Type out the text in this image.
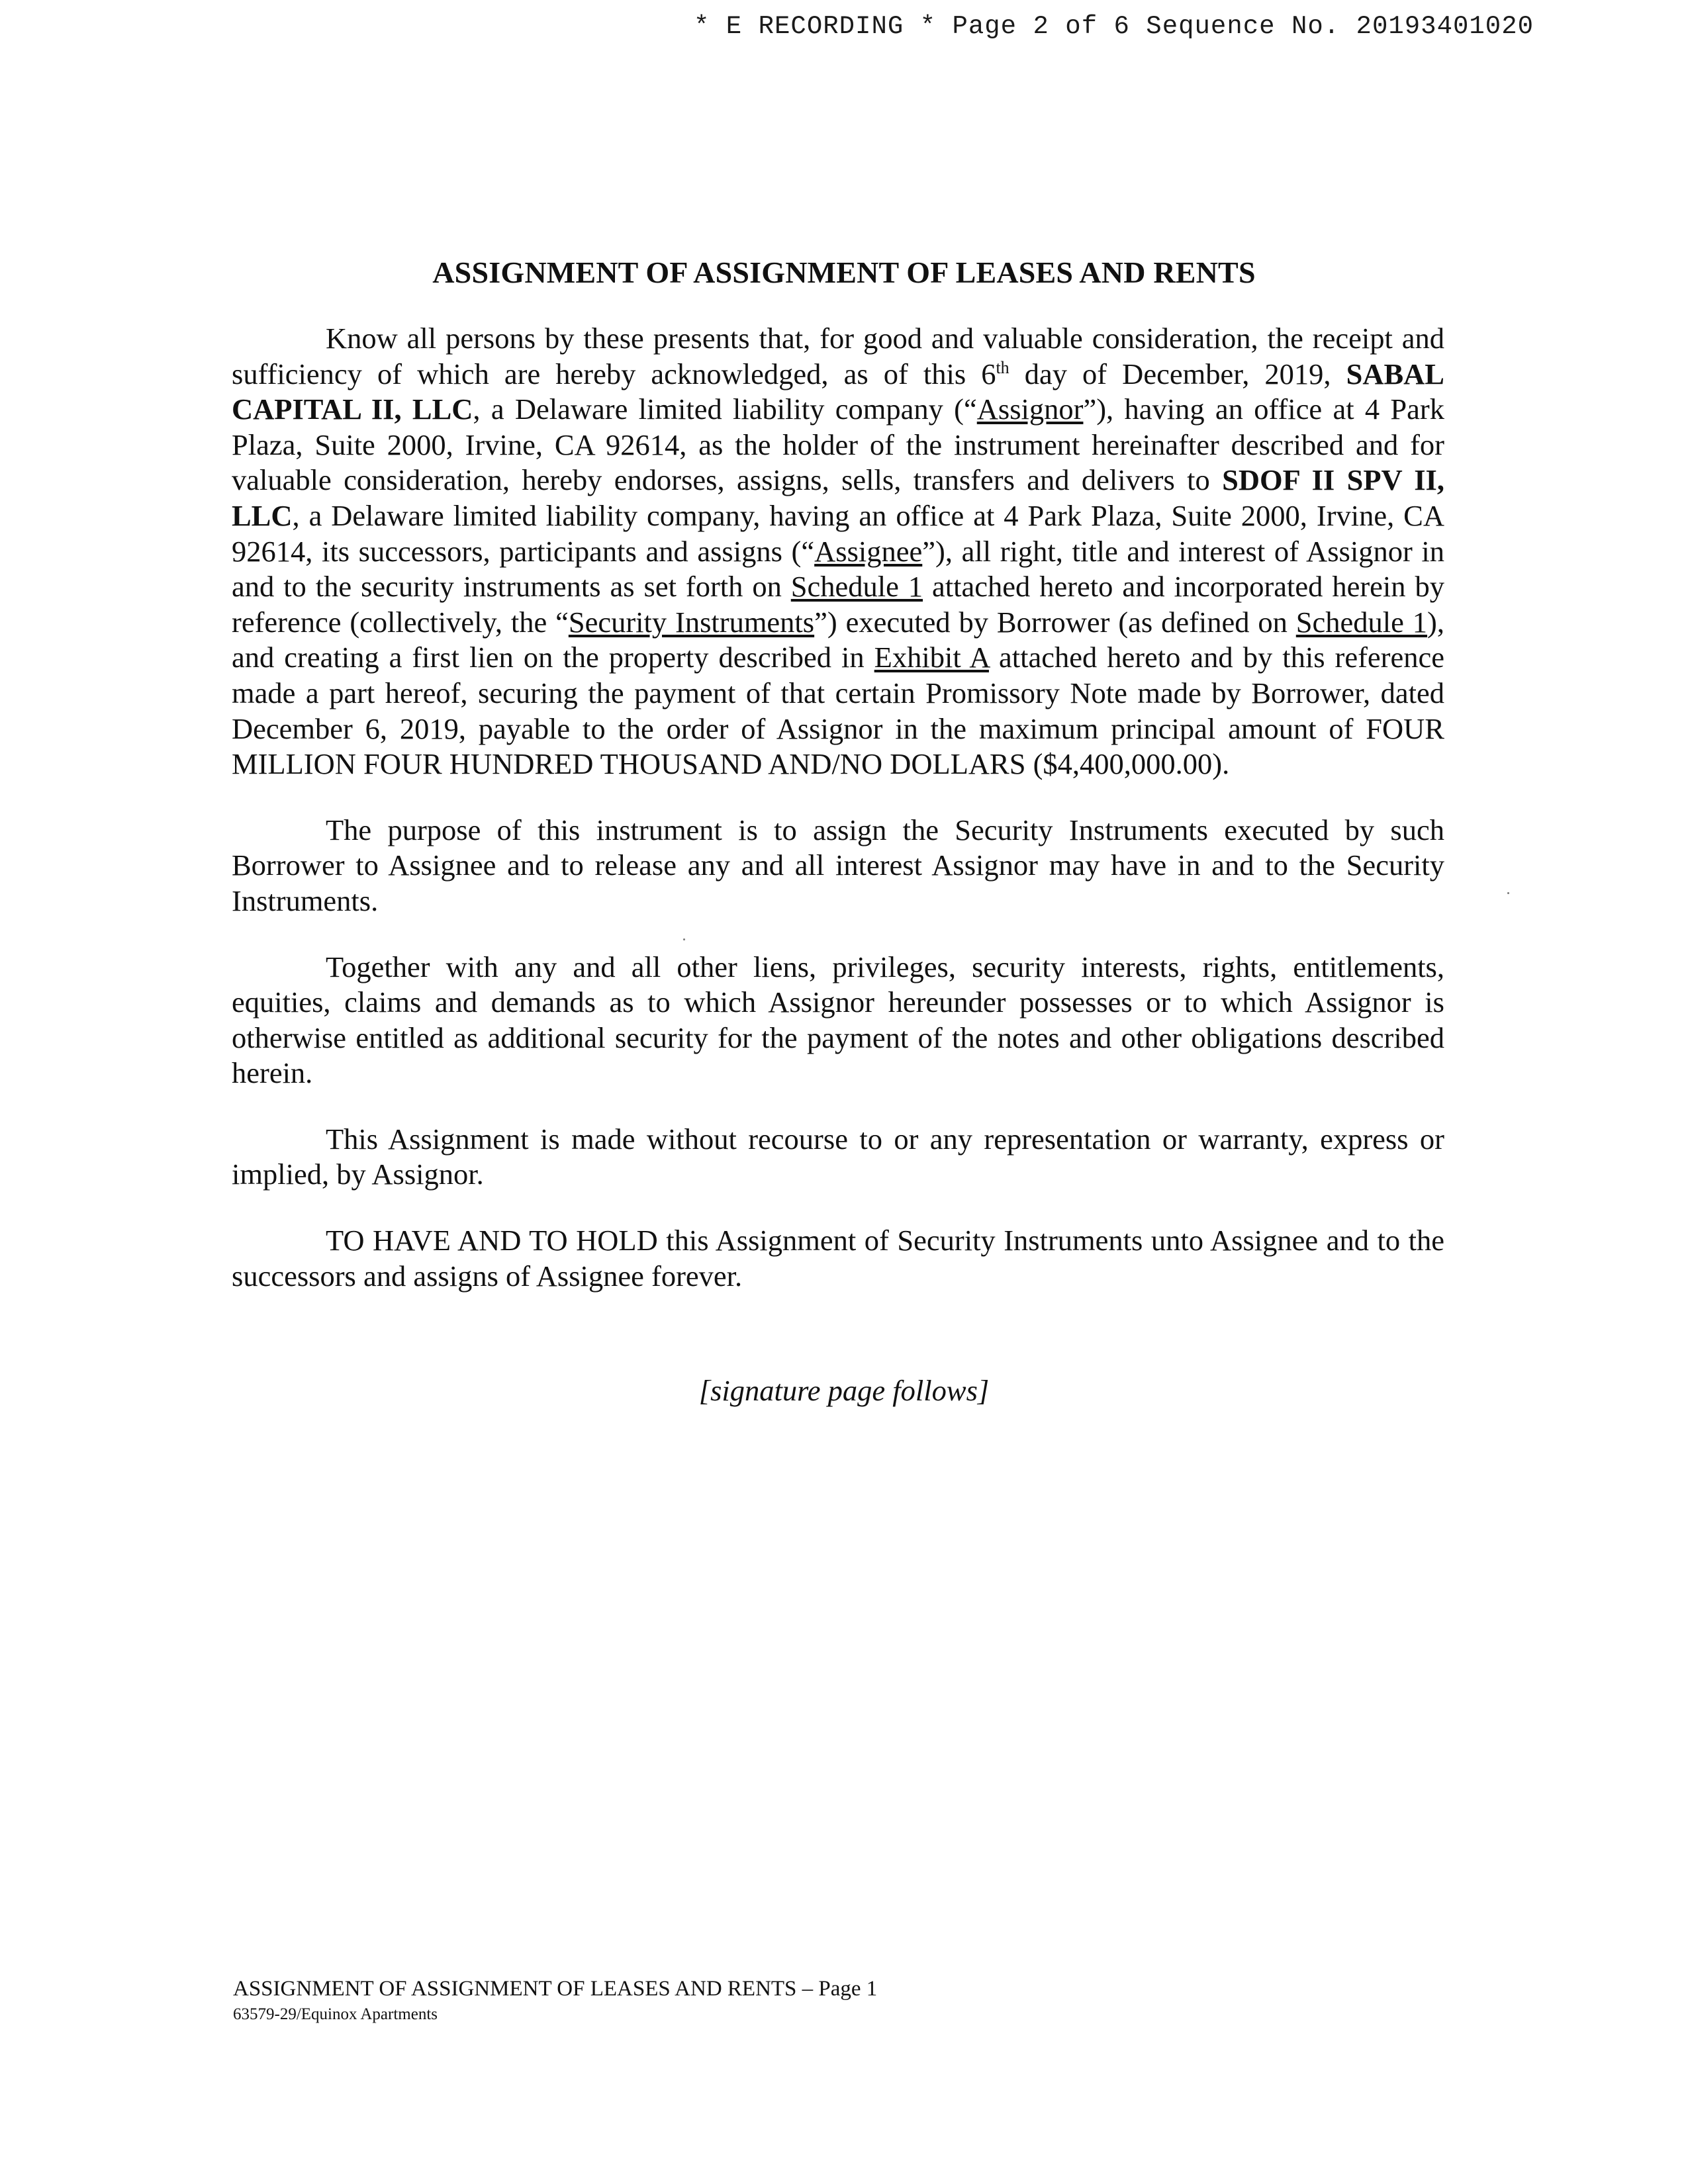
* E RECORDING * Page 2 of 6 Sequence No. 20193401020
ASSIGNMENT OF ASSIGNMENT OF LEASES AND RENTS

Know all persons by these presents that, for good and valuable consideration, the receipt and sufficiency of which are hereby acknowledged, as of this 6th day of December, 2019, SABAL CAPITAL II, LLC, a Delaware limited liability company (“Assignor”), having an office at 4 Park Plaza, Suite 2000, Irvine, CA 92614, as the holder of the instrument hereinafter described and for valuable consideration, hereby endorses, assigns, sells, transfers and delivers to SDOF II SPV II, LLC, a Delaware limited liability company, having an office at 4 Park Plaza, Suite 2000, Irvine, CA 92614, its successors, participants and assigns (“Assignee”), all right, title and interest of Assignor in and to the security instruments as set forth on Schedule 1 attached hereto and incorporated herein by reference (collectively, the “Security Instruments”) executed by Borrower (as defined on Schedule 1), and creating a first lien on the property described in Exhibit A attached hereto and by this reference made a part hereof, securing the payment of that certain Promissory Note made by Borrower, dated December 6, 2019, payable to the order of Assignor in the maximum principal amount of FOUR MILLION FOUR HUNDRED THOUSAND AND/NO DOLLARS ($4,400,000.00).

The purpose of this instrument is to assign the Security Instruments executed by such Borrower to Assignee and to release any and all interest Assignor may have in and to the Security Instruments.

Together with any and all other liens, privileges, security interests, rights, entitlements, equities, claims and demands as to which Assignor hereunder possesses or to which Assignor is otherwise entitled as additional security for the payment of the notes and other obligations described herein.

This Assignment is made without recourse to or any representation or warranty, express or implied, by Assignor.

TO HAVE AND TO HOLD this Assignment of Security Instruments unto Assignee and to the successors and assigns of Assignee forever.

[signature page follows]
ASSIGNMENT OF ASSIGNMENT OF LEASES AND RENTS – Page 1
63579-29/Equinox Apartments
